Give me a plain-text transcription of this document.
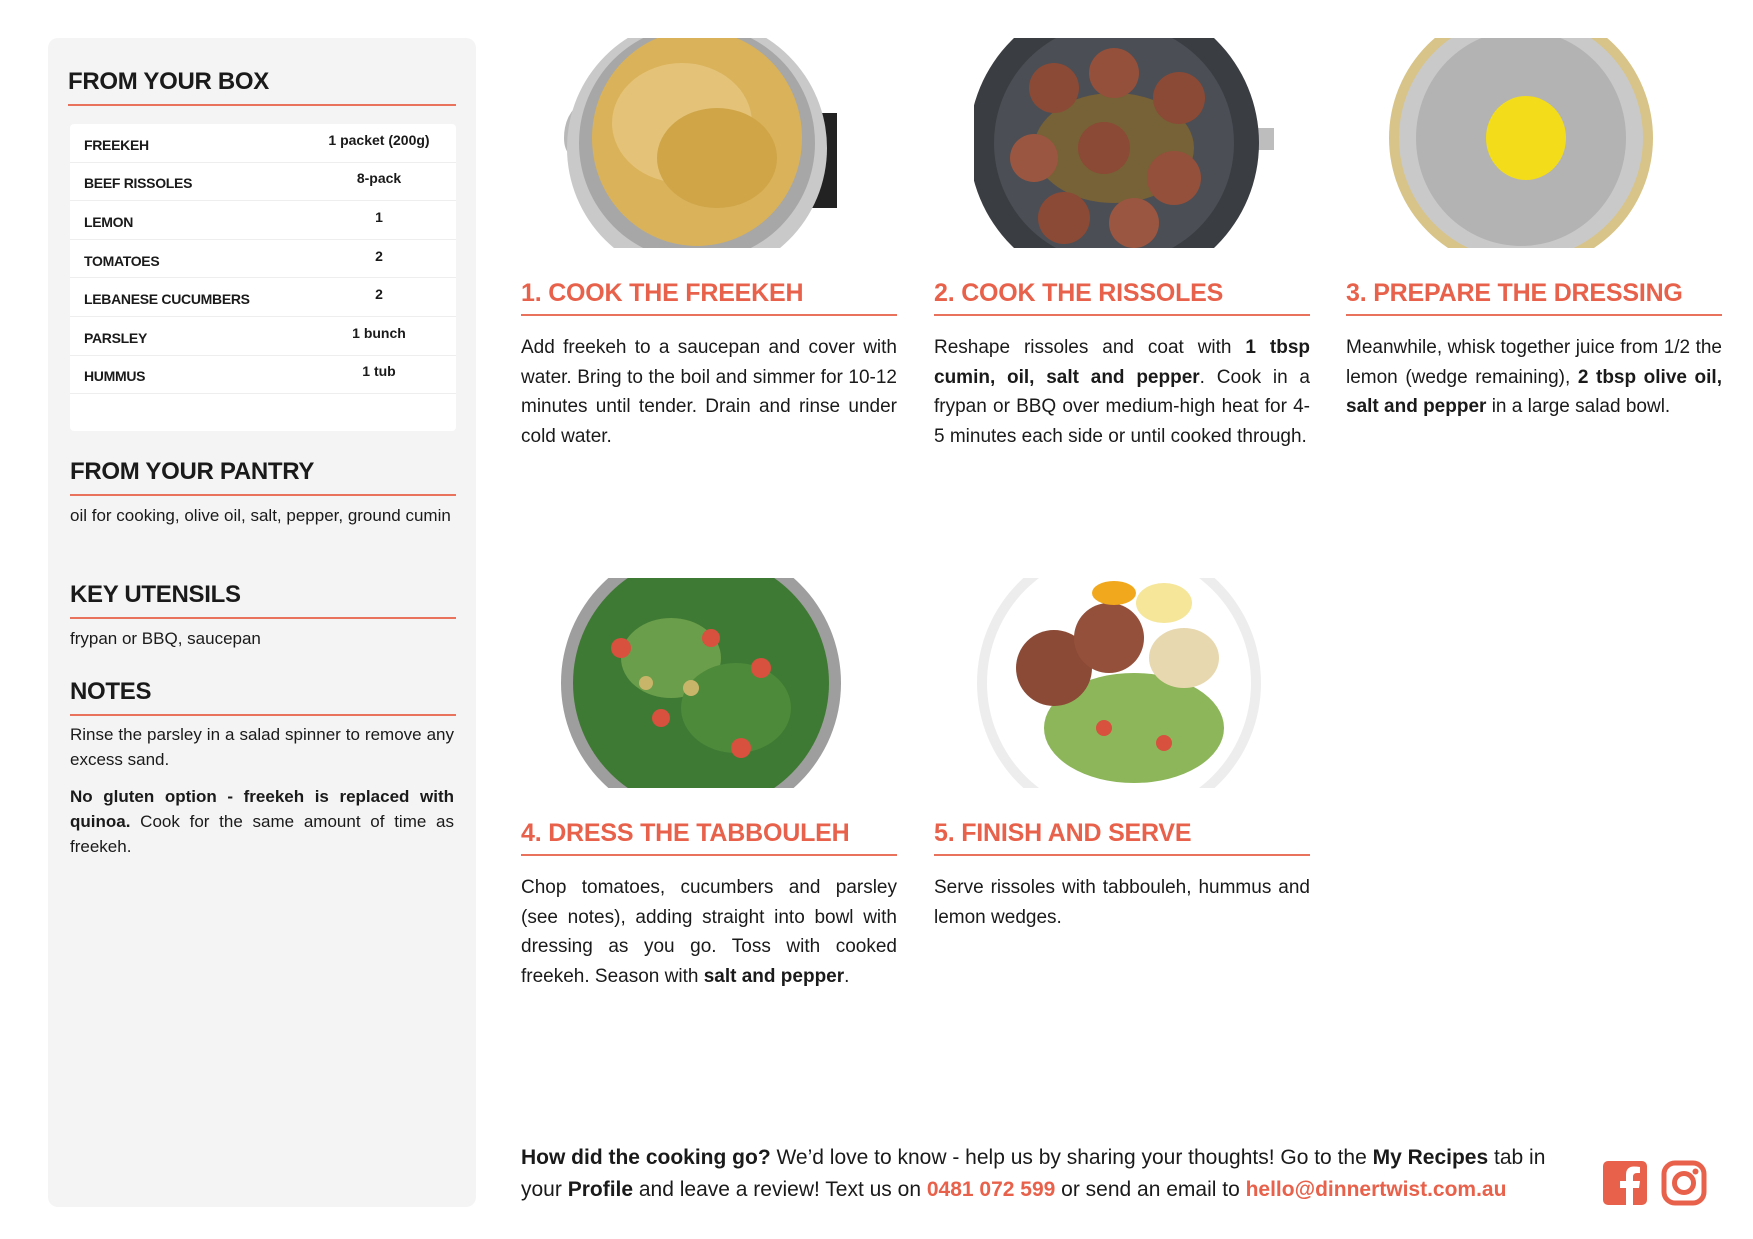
FROM YOUR BOX
FREEKEH	1 packet (200g)
BEEF RISSOLES	8-pack
LEMON	1
TOMATOES	2
LEBANESE CUCUMBERS	2
PARSLEY	1 bunch
HUMMUS	1 tub
FROM YOUR PANTRY
oil for cooking, olive oil, salt, pepper, ground cumin
KEY UTENSILS
frypan or BBQ, saucepan
NOTES
Rinse the parsley in a salad spinner to remove any excess sand.
No gluten option - freekeh is replaced with quinoa. Cook for the same amount of time as freekeh.
1. COOK THE FREEKEH
Add freekeh to a saucepan and cover with water. Bring to the boil and simmer for 10-12 minutes until tender. Drain and rinse under cold water.
2. COOK THE RISSOLES
Reshape rissoles and coat with 1 tbsp cumin, oil, salt and pepper. Cook in a frypan or BBQ over medium-high heat for 4-5 minutes each side or until cooked through.
3. PREPARE THE DRESSING
Meanwhile, whisk together juice from 1/2 the lemon (wedge remaining), 2 tbsp olive oil, salt and pepper in a large salad bowl.
4. DRESS THE TABBOULEH
Chop tomatoes, cucumbers and parsley (see notes), adding straight into bowl with dressing as you go. Toss with cooked freekeh. Season with salt and pepper.
5. FINISH AND SERVE
Serve rissoles with tabbouleh, hummus and lemon wedges.
How did the cooking go? We’d love to know - help us by sharing your thoughts! Go to the My Recipes tab in your Profile and leave a review! Text us on 0481 072 599 or send an email to hello@dinnertwist.com.au
